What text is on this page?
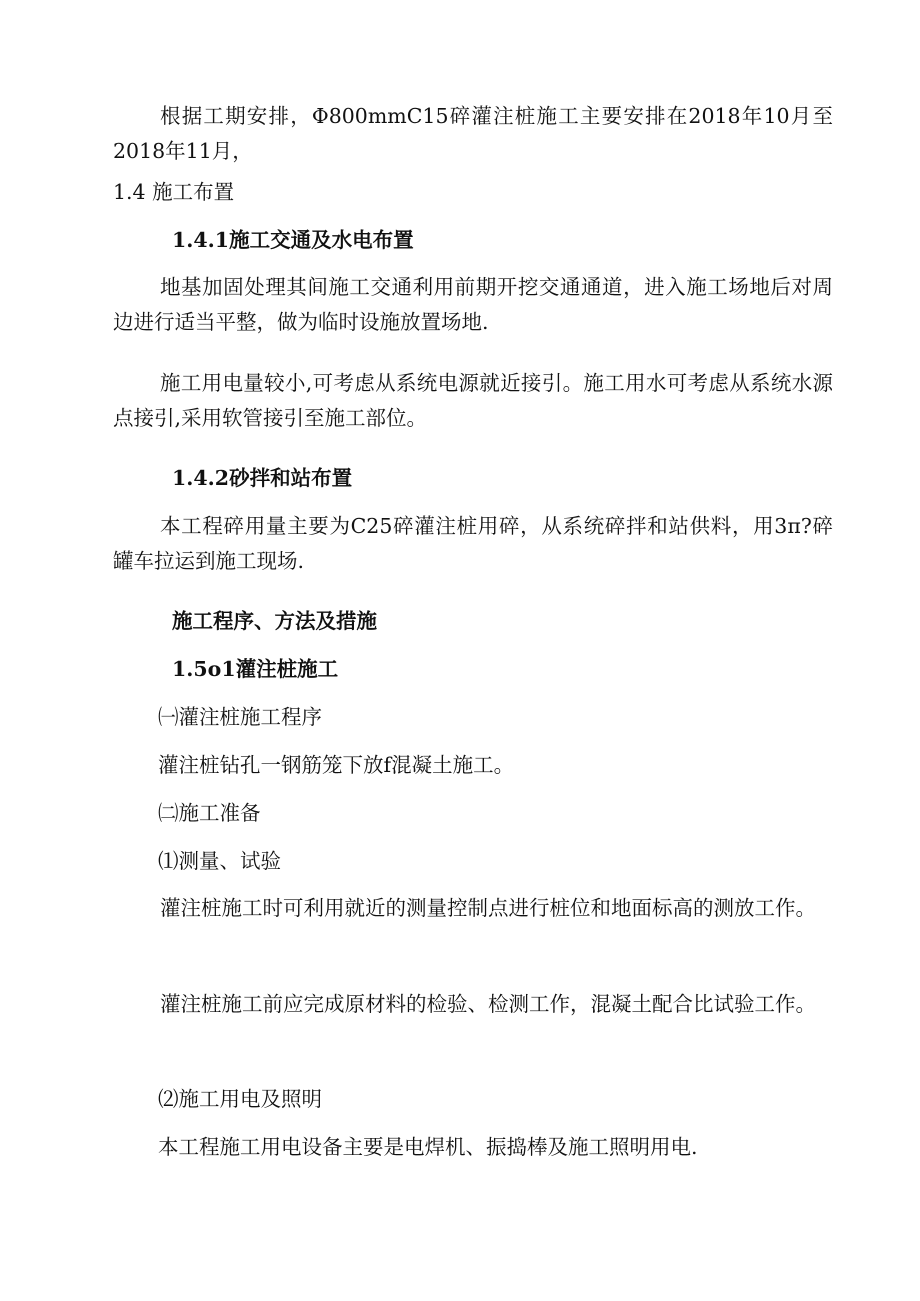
根据工期安排，Φ800mmC15碎灌注桩施工主要安排在2018年10月至2018年11月，

1.4 施工布置

1.4.1施工交通及水电布置

地基加固处理其间施工交通利用前期开挖交通通道，进入施工场地后对周边进行适当平整，做为临时设施放置场地.

施工用电量较小,可考虑从系统电源就近接引。施工用水可考虑从系统水源点接引,采用软管接引至施工部位。

1.4.2砂拌和站布置

本工程碎用量主要为C25碎灌注桩用碎，从系统碎拌和站供料，用3π?碎罐车拉运到施工现场.

施工程序、方法及措施

1.5o1灌注桩施工

㈠灌注桩施工程序

灌注桩钻孔一钢筋笼下放f混凝土施工。

㈡施工准备

⑴测量、试验

灌注桩施工时可利用就近的测量控制点进行桩位和地面标高的测放工作。

灌注桩施工前应完成原材料的检验、检测工作，混凝土配合比试验工作。

⑵施工用电及照明

本工程施工用电设备主要是电焊机、振捣棒及施工照明用电.
